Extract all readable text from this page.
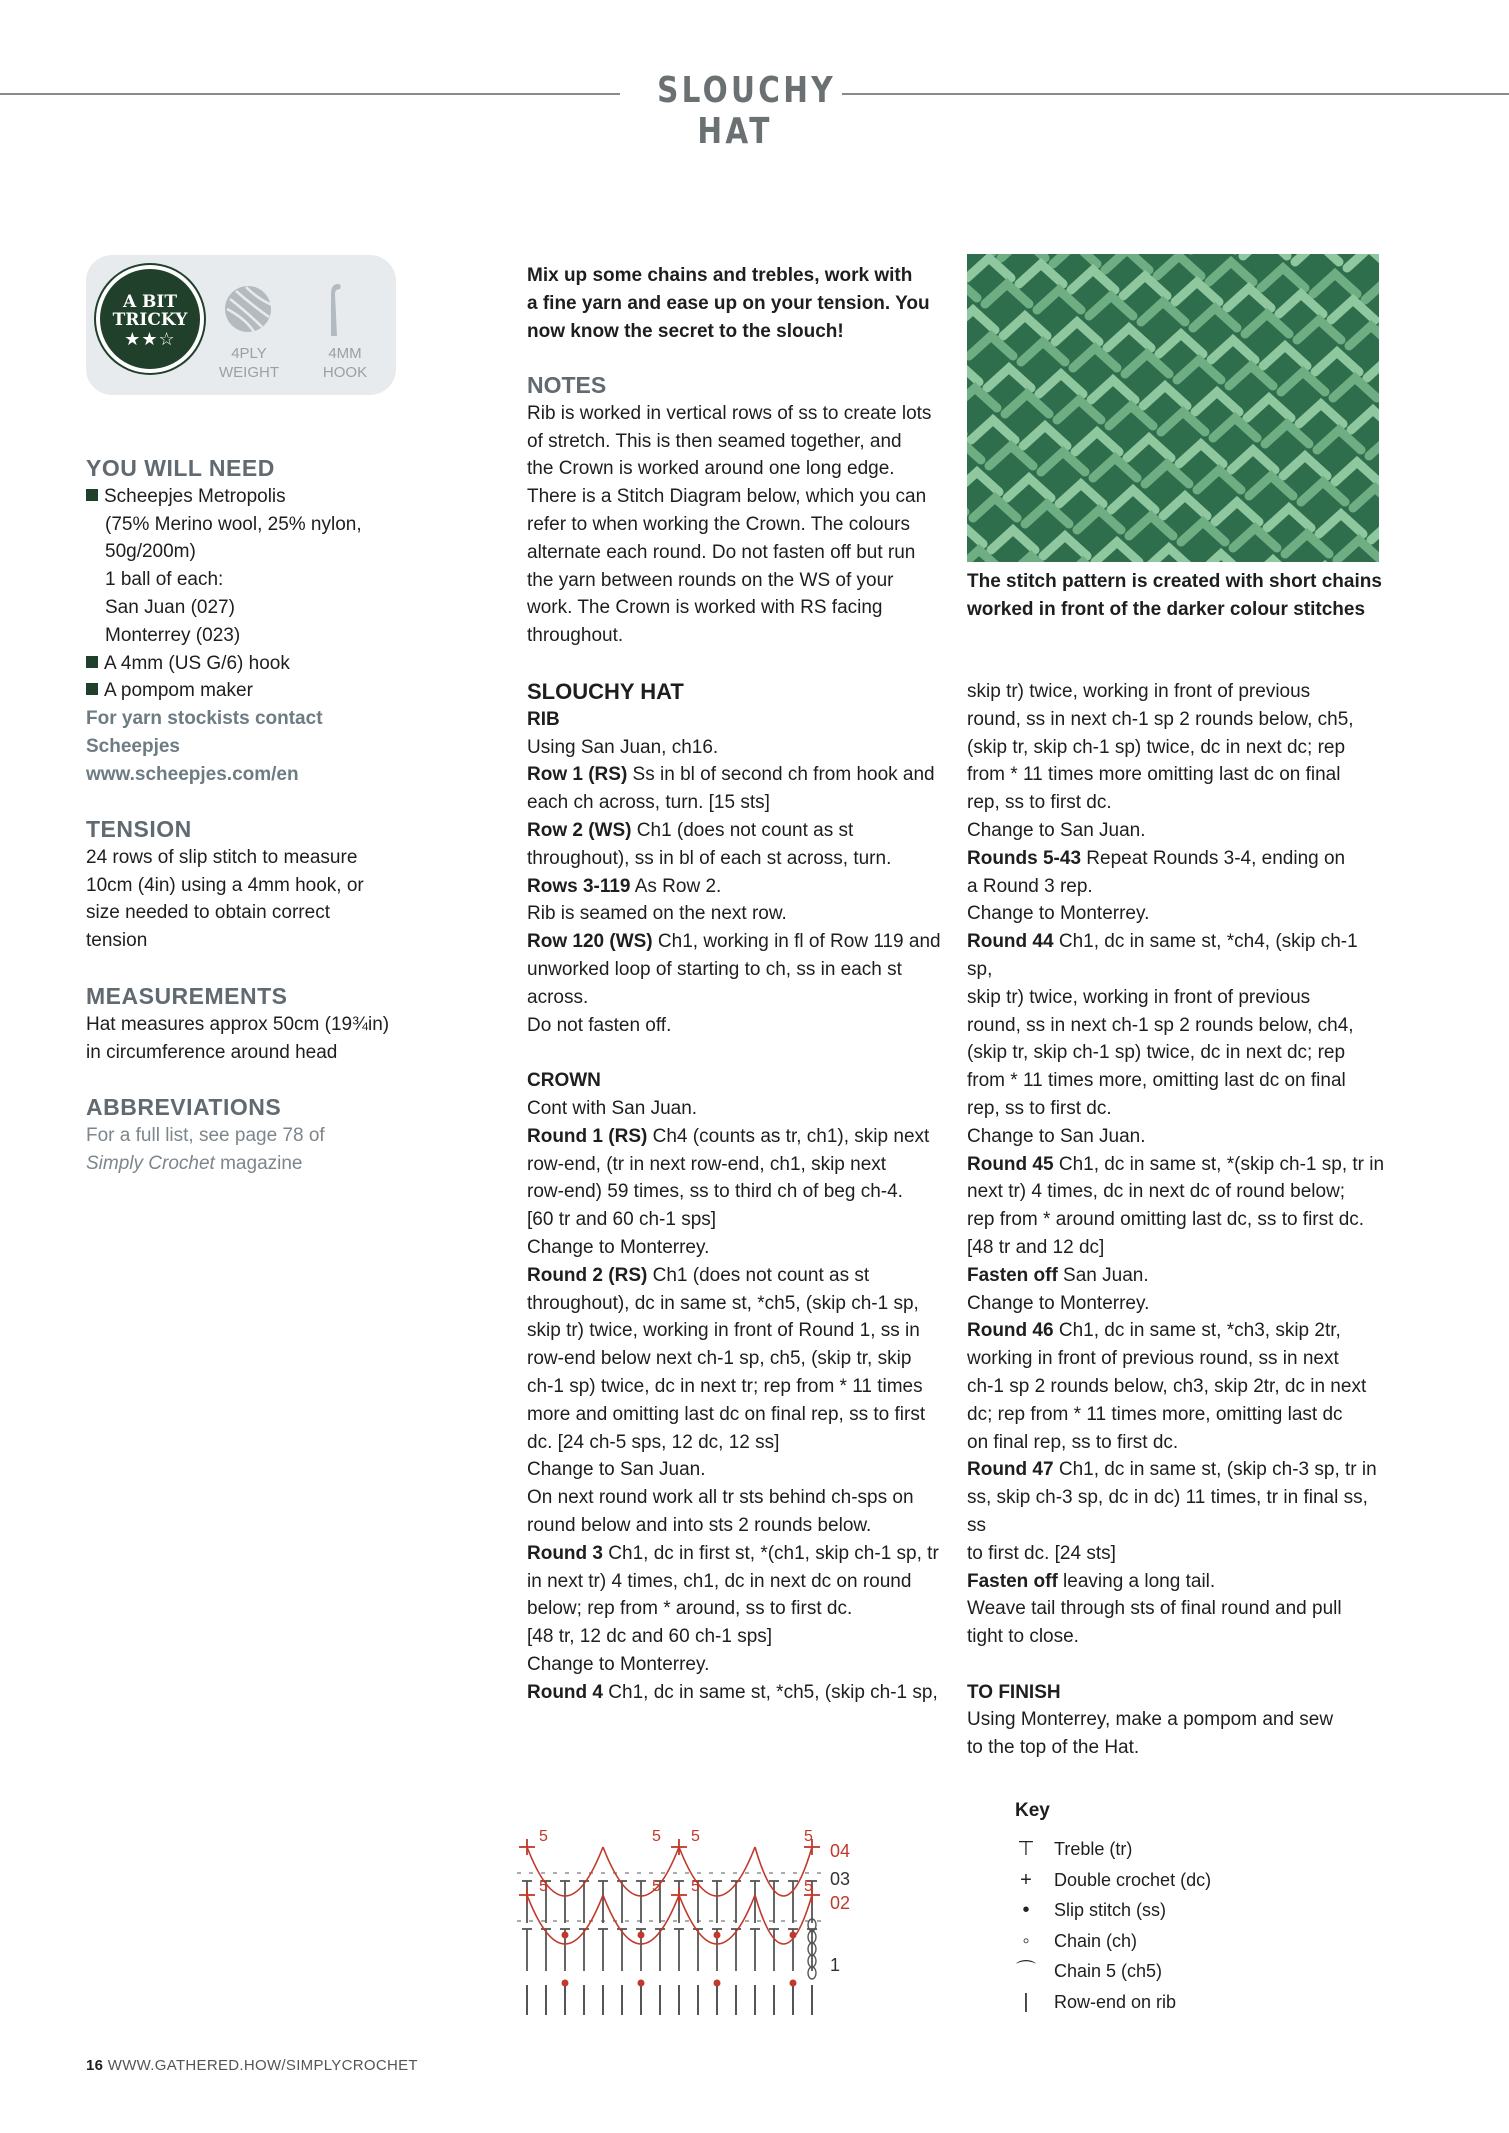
SLOUCHY HAT
A BIT
TRICKY
★★☆
4PLY
WEIGHT
4MM
HOOK
YOU WILL NEED
Scheepjes Metropolis
(75% Merino wool, 25% nylon,
50g/200m)
1 ball of each:
San Juan (027)
Monterrey (023)
A 4mm (US G/6) hook
A pompom maker
For yarn stockists contact
Scheepjes
www.scheepjes.com/en
TENSION
24 rows of slip stitch to measure
10cm (4in) using a 4mm hook, or
size needed to obtain correct
tension
MEASUREMENTS
Hat measures approx 50cm (19¾in)
in circumference around head
ABBREVIATIONS
For a full list, see page 78 of
Simply Crochet magazine

Mix up some chains and trebles, work with

a fine yarn and ease up on your tension. You

now know the secret to the slouch!

NOTES

Rib is worked in vertical rows of ss to create lots

of stretch. This is then seamed together, and

the Crown is worked around one long edge.

There is a Stitch Diagram below, which you can

refer to when working the Crown. The colours

alternate each round. Do not fasten off but run

the yarn between rounds on the WS of your

work. The Crown is worked with RS facing

throughout.

SLOUCHY HAT

RIB

Using San Juan, ch16.

Row 1 (RS) Ss in bl of second ch from hook and

each ch across, turn. [15 sts]

Row 2 (WS) Ch1 (does not count as st

throughout), ss in bl of each st across, turn.

Rows 3-119 As Row 2.

Rib is seamed on the next row.

Row 120 (WS) Ch1, working in fl of Row 119 and

unworked loop of starting to ch, ss in each st

across.

Do not fasten off.

CROWN

Cont with San Juan.

Round 1 (RS) Ch4 (counts as tr, ch1), skip next

row-end, (tr in next row-end, ch1, skip next

row-end) 59 times, ss to third ch of beg ch-4.

[60 tr and 60 ch-1 sps]

Change to Monterrey.

Round 2 (RS) Ch1 (does not count as st

throughout), dc in same st, *ch5, (skip ch-1 sp,

skip tr) twice, working in front of Round 1, ss in

row-end below next ch-1 sp, ch5, (skip tr, skip

ch-1 sp) twice, dc in next tr; rep from * 11 times

more and omitting last dc on final rep, ss to first

dc. [24 ch-5 sps, 12 dc, 12 ss]

Change to San Juan.

On next round work all tr sts behind ch-sps on

round below and into sts 2 rounds below.

Round 3 Ch1, dc in first st, *(ch1, skip ch-1 sp, tr

in next tr) 4 times, ch1, dc in next dc on round

below; rep from * around, ss to first dc.

[48 tr, 12 dc and 60 ch-1 sps]

Change to Monterrey.

Round 4 Ch1, dc in same st, *ch5, (skip ch-1 sp,

The stitch pattern is created with short chains
worked in front of the darker colour stitches

skip tr) twice, working in front of previous

round, ss in next ch-1 sp 2 rounds below, ch5,

(skip tr, skip ch-1 sp) twice, dc in next dc; rep

from * 11 times more omitting last dc on final

rep, ss to first dc.

Change to San Juan.

Rounds 5-43 Repeat Rounds 3-4, ending on

a Round 3 rep.

Change to Monterrey.

Round 44 Ch1, dc in same st, *ch4, (skip ch-1 sp,

skip tr) twice, working in front of previous

round, ss in next ch-1 sp 2 rounds below, ch4,

(skip tr, skip ch-1 sp) twice, dc in next dc; rep

from * 11 times more, omitting last dc on final

rep, ss to first dc.

Change to San Juan.

Round 45 Ch1, dc in same st, *(skip ch-1 sp, tr in

next tr) 4 times, dc in next dc of round below;

rep from * around omitting last dc, ss to first dc.

[48 tr and 12 dc]

Fasten off San Juan.

Change to Monterrey.

Round 46 Ch1, dc in same st, *ch3, skip 2tr,

working in front of previous round, ss in next

ch-1 sp 2 rounds below, ch3, skip 2tr, dc in next

dc; rep from * 11 times more, omitting last dc

on final rep, ss to first dc.

Round 47 Ch1, dc in same st, (skip ch-3 sp, tr in

ss, skip ch-3 sp, dc in dc) 11 times, tr in final ss, ss

to first dc. [24 sts]

Fasten off leaving a long tail.

Weave tail through sts of final round and pull

tight to close.

TO FINISH

Using Monterrey, make a pompom and sew

to the top of the Hat.

5	5 5	5
5	5 5	5
04
03
02
1
Key
⊤ Treble (tr)
+ Double crochet (dc)
• Slip stitch (ss)
◦ Chain (ch)
⌒ Chain 5 (ch5)
| Row-end on rib
16 WWW.GATHERED.HOW/SIMPLYCROCHET
